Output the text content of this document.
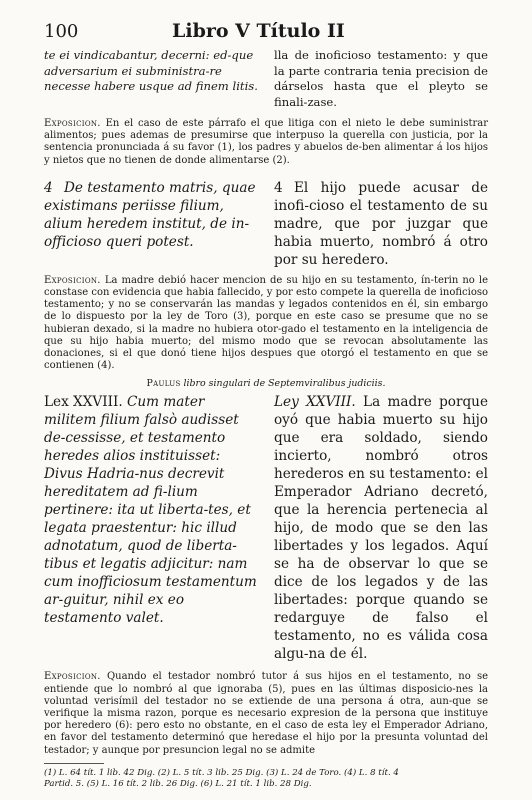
100	Libro V Título II

te ei vindicabantur, decerni: ed-que adversarium ei subministra-re necesse habere usque ad finem litis.

lla de inoficioso testamento: y que la parte contraria tenia precision de dárselos hasta que el pleyto se finali-zase.

Exposicion. En el caso de este párrafo el que litiga con el nieto le debe suministrar alimentos; pues ademas de presumirse que interpuso la querella con justicia, por la sentencia pronunciada á su favor (1), los padres y abuelos de-ben alimentar á los hijos y nietos que no tienen de donde alimentarse (2).

4 De testamento matris, quae existimans periisse filium, alium heredem institut, de in-officioso queri potest.

4 El hijo puede acusar de inofi-cioso el testamento de su madre, que por juzgar que habia muerto, nombró á otro por su heredero.

Exposicion. La madre debió hacer mencion de su hijo en su testamento, ín-terin no le constase con evidencia que habia fallecido, y por esto compete la querella de inoficioso testamento; y no se conservarán las mandas y legados contenidos en él, sin embargo de lo dispuesto por la ley de Toro (3), porque en este caso se presume que no se hubieran dexado, si la madre no hubiera otor-gado el testamento en la inteligencia de que su hijo habia muerto; del mismo modo que se revocan absolutamente las donaciones, si el que donó tiene hijos despues que otorgó el testamento en que se contienen (4).

Paulus libro singulari de Septemviralibus judiciis.

Lex XXVIII. Cum mater militem filium falsò audisset de-cessisse, et testamento heredes alios instituisset: Divus Hadria-nus decrevit hereditatem ad fi-lium pertinere: ita ut liberta-tes, et legata praestentur: hic illud adnotatum, quod de liberta-tibus et legatis adjicitur: nam cum inofficiosum testamentum ar-guitur, nihil ex eo testamento valet.

Ley XXVIII. La madre porque oyó que habia muerto su hijo que era soldado, siendo incierto, nombró otros herederos en su testamento: el Emperador Adriano decretó, que la herencia pertenecia al hijo, de modo que se den las libertades y los legados. Aquí se ha de observar lo que se dice de los legados y de las libertades: porque quando se redarguye de falso el testamento, no es válida cosa algu-na de él.

Exposicion. Quando el testador nombró tutor á sus hijos en el testamento, no se entiende que lo nombró al que ignoraba (5), pues en las últimas disposicio-nes la voluntad verisímil del testador no se extiende de una persona á otra, aun-que se verifique la misma razon, porque es necesario expresion de la persona que instituye por heredero (6): pero esto no obstante, en el caso de esta ley el Emperador Adriano, en favor del testamento determinó que heredase el hijo por la presunta voluntad del testador; y aunque por presuncion legal no se admite

(1) L. 64 tít. 1 lib. 42 Dig. (2) L. 5 tít. 3 lib. 25 Dig. (3) L. 24 de Toro. (4) L. 8 tít. 4
Partid. 5. (5) L. 16 tít. 2 lib. 26 Dig. (6) L. 21 tít. 1 lib. 28 Dig.
